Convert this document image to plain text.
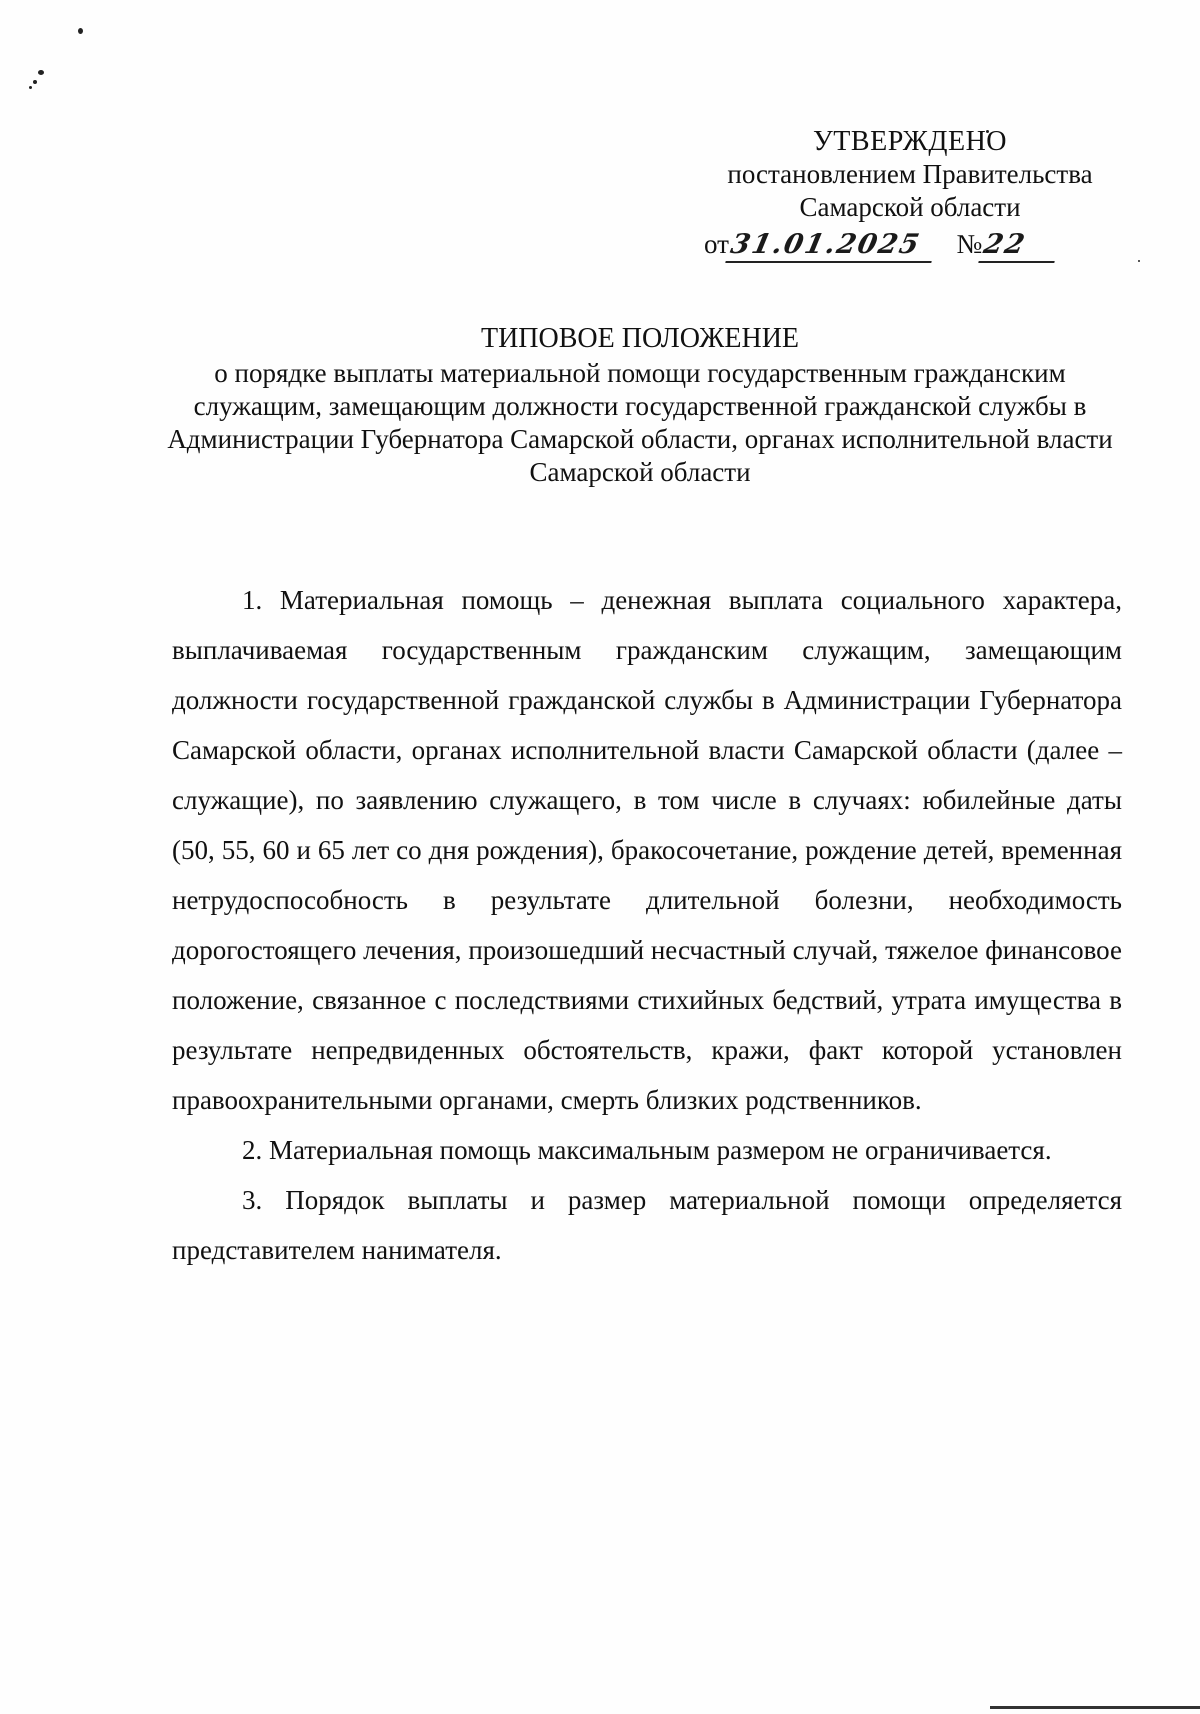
УТВЕРЖДЕНО
постановлением Правительства
Самарской области
от31.01.2025 №22
ТИПОВОЕ ПОЛОЖЕНИЕ
о порядке выплаты материальной помощи государственным гражданским служащим, замещающим должности государственной гражданской службы в Администрации Губернатора Самарской области, органах исполнительной власти Самарской области

1. Материальная помощь – денежная выплата социального характера, выплачиваемая государственным гражданским служащим, замещающим должности государственной гражданской службы в Администрации Губернатора Самарской области, органах исполнительной власти Самарской области (далее – служащие), по заявлению служащего, в том числе в случаях: юбилейные даты (50, 55, 60 и 65 лет со дня рождения), бракосочетание, рождение детей, временная нетрудоспособность в результате длительной болезни, необходимость дорогостоящего лечения, произошедший несчастный случай, тяжелое финансовое положение, связанное с последствиями стихийных бедствий, утрата имущества в результате непредвиденных обстоятельств, кражи, факт которой установлен правоохранительными органами, смерть близких родственников.

2. Материальная помощь максимальным размером не ограничивается.

3. Порядок выплаты и размер материальной помощи определяется представителем нанимателя.
